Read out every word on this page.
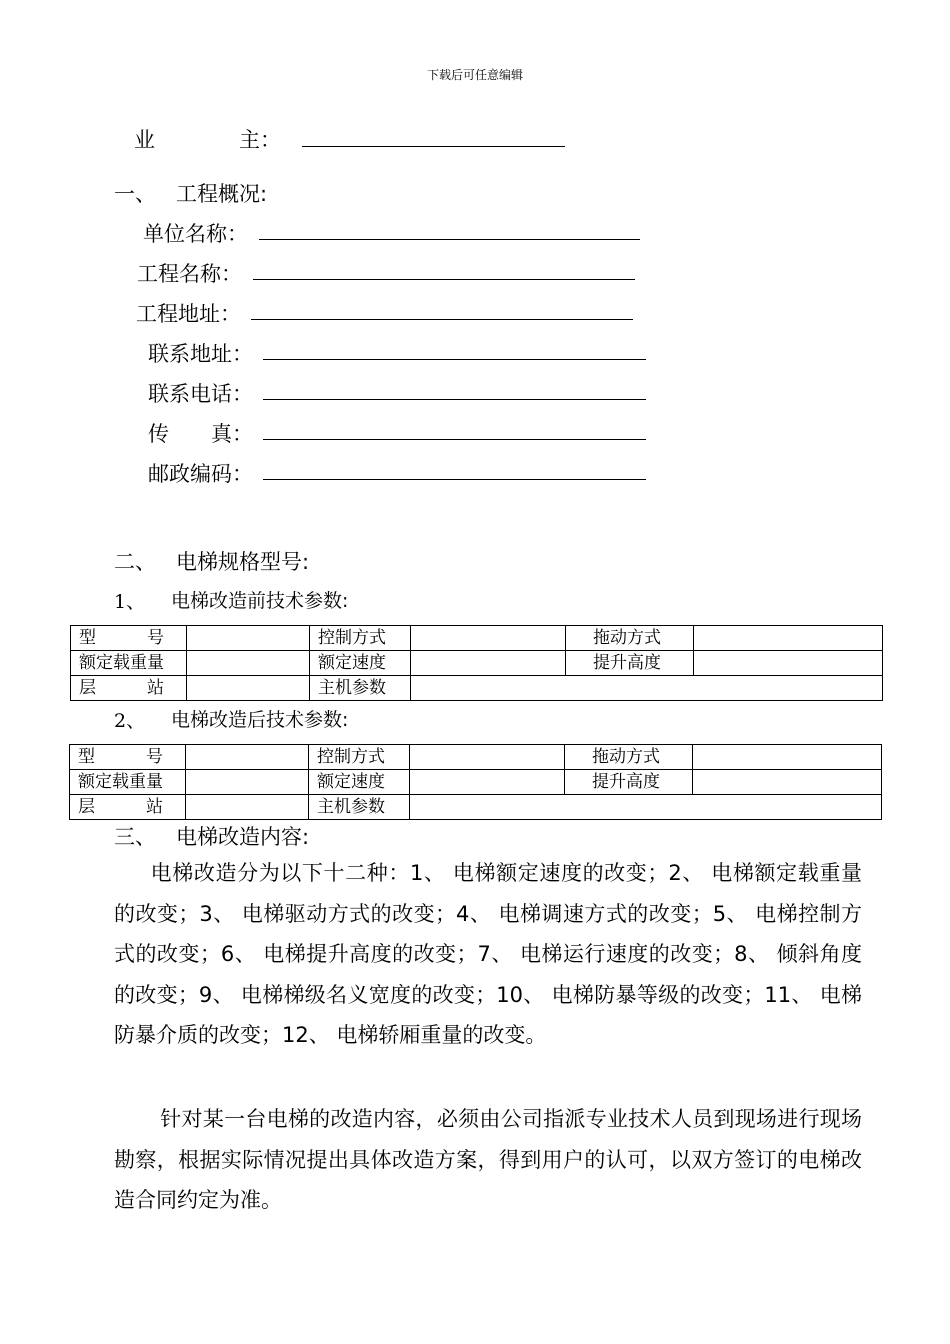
下载后可任意编辑
业　　　　主：
一、 工程概况:
单位名称：
工程名称：
工程地址：
联系地址：
联系电话：
传　　真：
邮政编码：
二、 电梯规格型号:
1、 电梯改造前技术参数:
型　　　号		控制方式		拖动方式	
额定载重量		额定速度		提升高度	
层　　　站		主机参数			
2、 电梯改造后技术参数:
型　　　号		控制方式		拖动方式	
额定载重量		额定速度		提升高度	
层　　　站		主机参数			
三、 电梯改造内容:
电梯改造分为以下十二种：1、 电梯额定速度的改变；2、 电梯额定载重量的改变；3、 电梯驱动方式的改变；4、 电梯调速方式的改变；5、 电梯控制方式的改变；6、 电梯提升高度的改变；7、 电梯运行速度的改变；8、 倾斜角度的改变；9、 电梯梯级名义宽度的改变；10、 电梯防暴等级的改变；11、 电梯防暴介质的改变；12、 电梯轿厢重量的改变。
针对某一台电梯的改造内容，必须由公司指派专业技术人员到现场进行现场勘察，根据实际情况提出具体改造方案，得到用户的认可，以双方签订的电梯改造合同约定为准。
